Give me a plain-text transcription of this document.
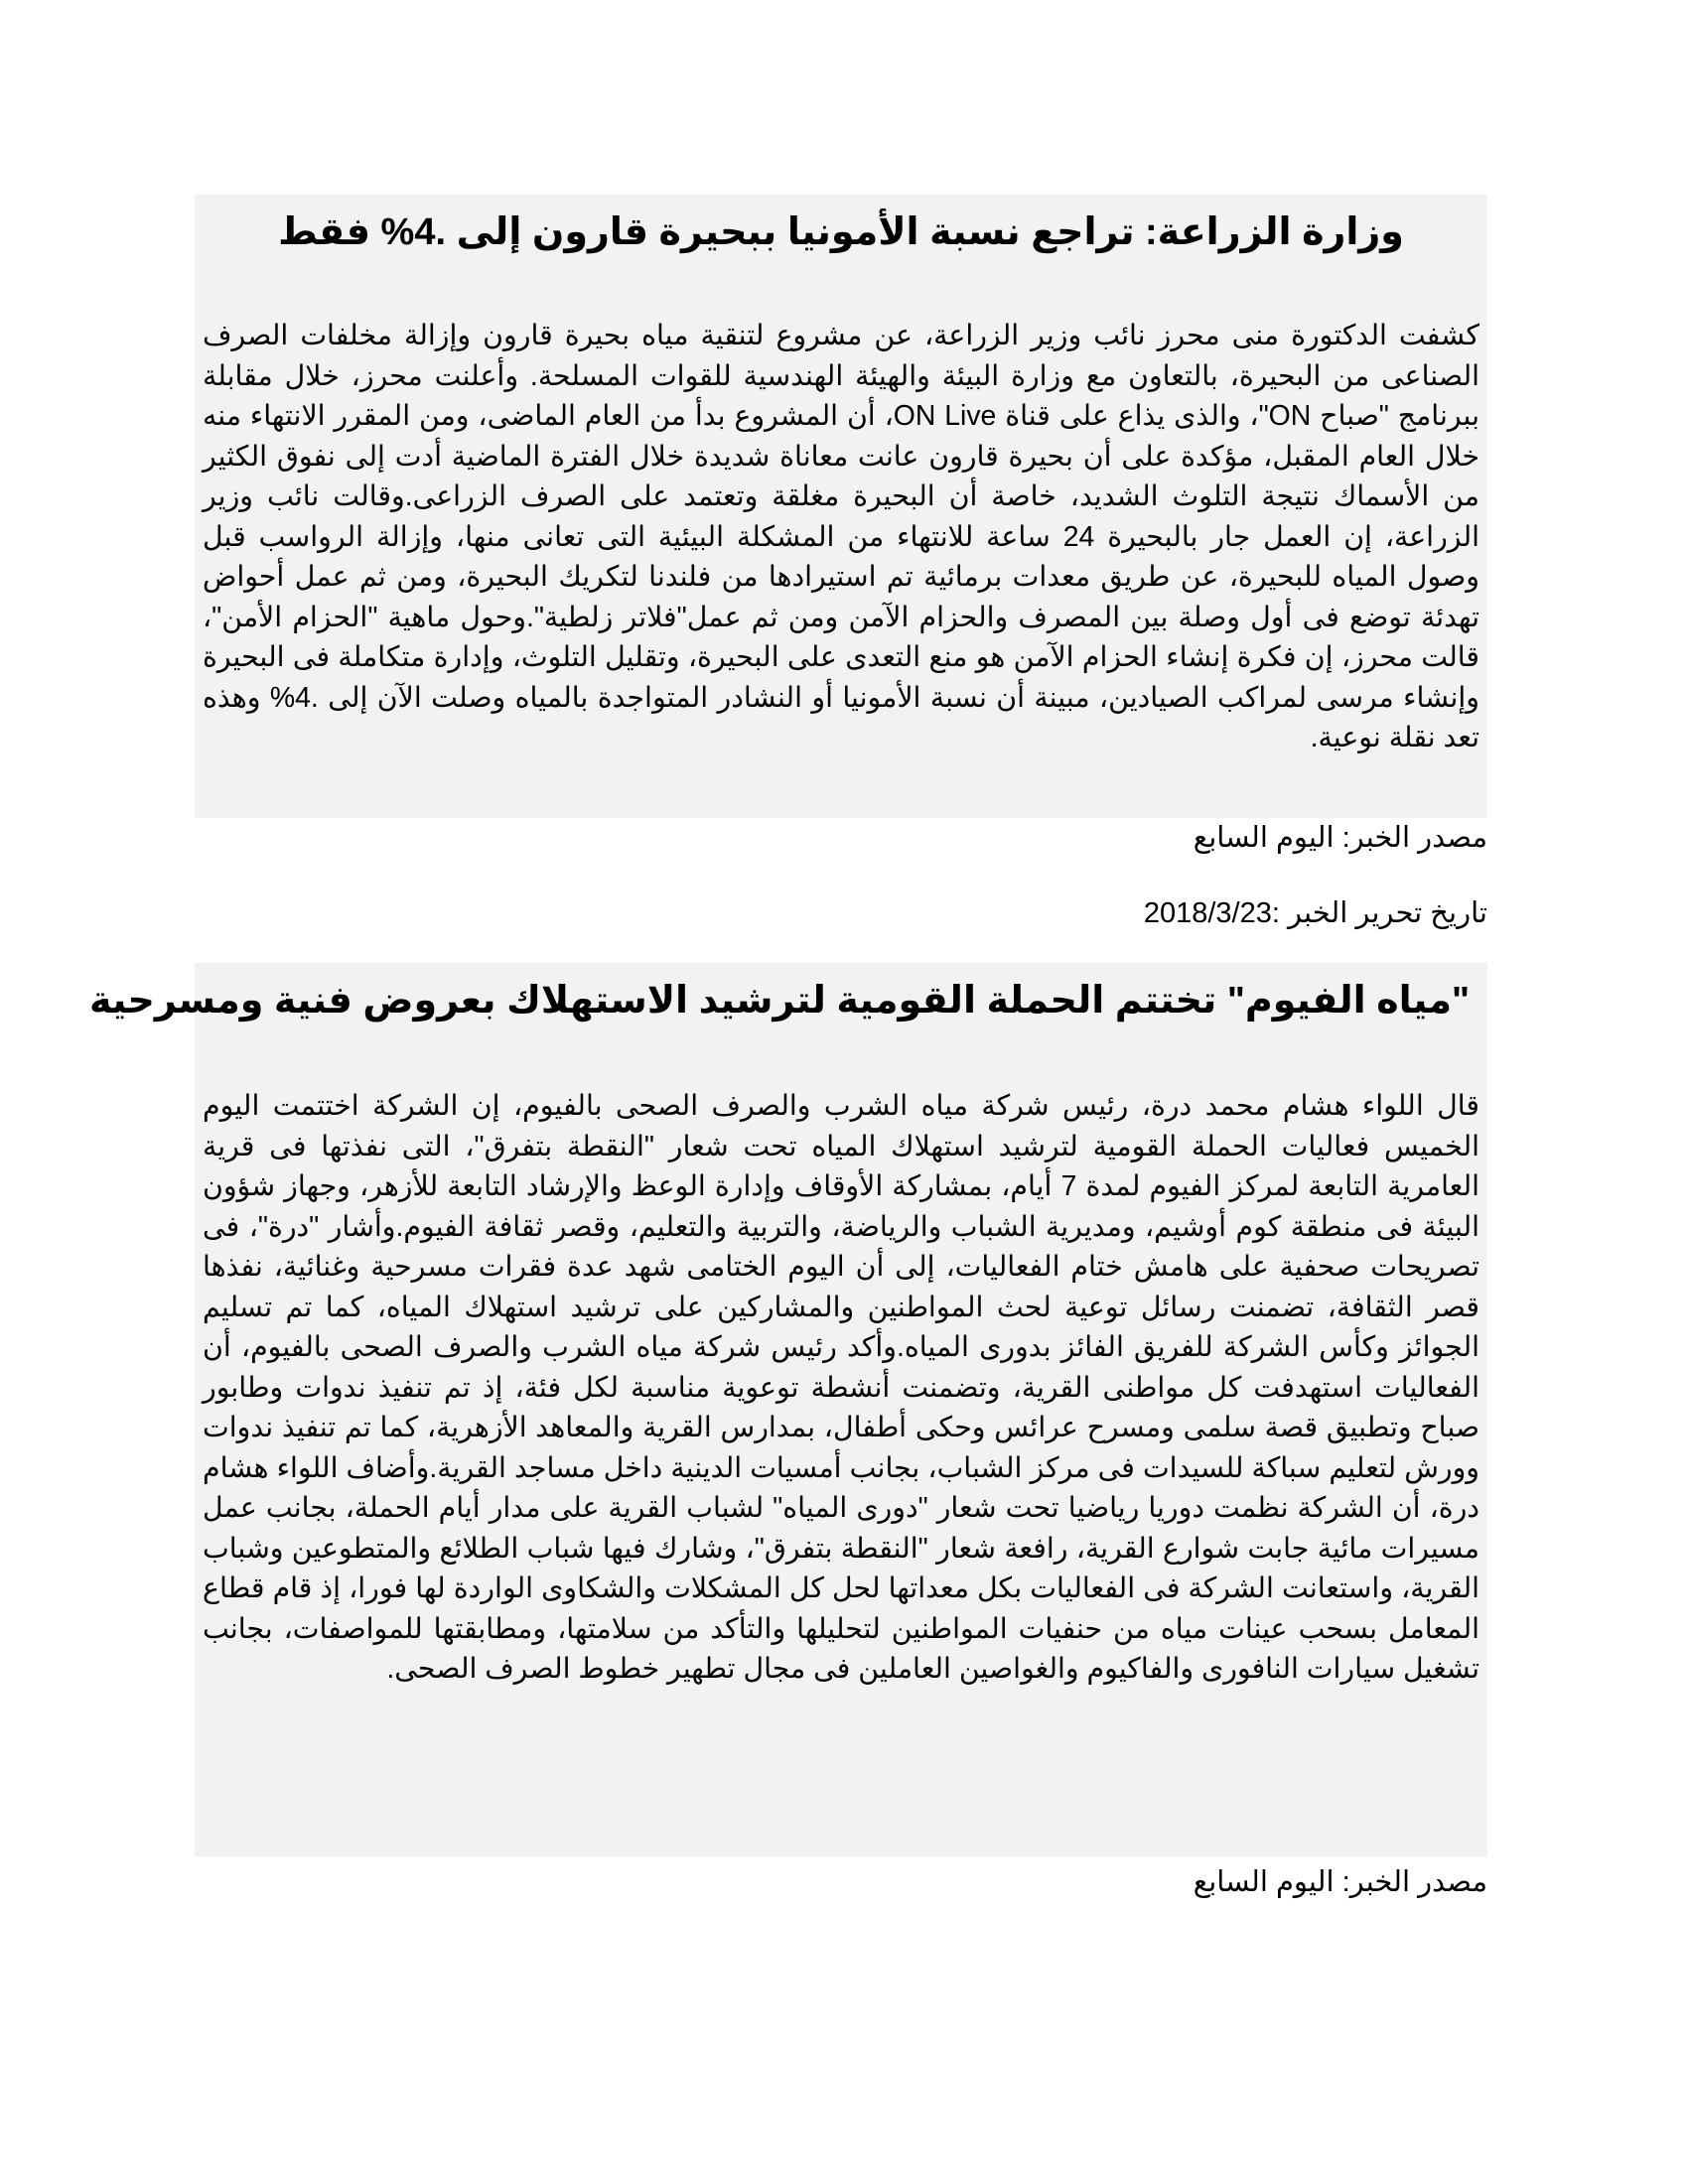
وزارة الزراعة: تراجع نسبة الأمونيا ببحيرة قارون إلى .4% فقط

كشفت الدكتورة منى محرز نائب وزير الزراعة، عن مشروع لتنقية مياه بحيرة قارون وإزالة مخلفات الصرف الصناعى من البحيرة، بالتعاون مع وزارة البيئة والهيئة الهندسية للقوات المسلحة. وأعلنت محرز، خلال مقابلة ببرنامج "صباح ON"، والذى يذاع على قناة ON Live، أن المشروع بدأ من العام الماضى، ومن المقرر الانتهاء منه خلال العام المقبل، مؤكدة على أن بحيرة قارون عانت معاناة شديدة خلال الفترة الماضية أدت إلى نفوق الكثير من الأسماك نتيجة التلوث الشديد، خاصة أن البحيرة مغلقة وتعتمد على الصرف الزراعى.وقالت نائب وزير الزراعة، إن العمل جار بالبحيرة 24 ساعة للانتهاء من المشكلة البيئية التى تعانى منها، وإزالة الرواسب قبل وصول المياه للبحيرة، عن طريق معدات برمائية تم استيرادها من فلندنا لتكريك البحيرة، ومن ثم عمل أحواض تهدئة توضع فى أول وصلة بين المصرف والحزام الآمن ومن ثم عمل"فلاتر زلطية".وحول ماهية "الحزام الأمن"، قالت محرز، إن فكرة إنشاء الحزام الآمن هو منع التعدى على البحيرة، وتقليل التلوث، وإدارة متكاملة فى البحيرة وإنشاء مرسى لمراكب الصيادين، مبينة أن نسبة الأمونيا أو النشادر المتواجدة بالمياه وصلت الآن إلى .4% وهذه تعد نقلة نوعية.

مصدر الخبر: اليوم السابع
تاريخ تحرير الخبر :2018/3/23
"مياه الفيوم" تختتم الحملة القومية لترشيد الاستهلاك بعروض فنية ومسرحية

قال اللواء هشام محمد درة، رئيس شركة مياه الشرب والصرف الصحى بالفيوم، إن الشركة اختتمت اليوم الخميس فعاليات الحملة القومية لترشيد استهلاك المياه تحت شعار "النقطة بتفرق"، التى نفذتها فى قرية العامرية التابعة لمركز الفيوم لمدة 7 أيام، بمشاركة الأوقاف وإدارة الوعظ والإرشاد التابعة للأزهر، وجهاز شؤون البيئة فى منطقة كوم أوشيم، ومديرية الشباب والرياضة، والتربية والتعليم، وقصر ثقافة الفيوم.وأشار "درة"، فى تصريحات صحفية على هامش ختام الفعاليات، إلى أن اليوم الختامى شهد عدة فقرات مسرحية وغنائية، نفذها قصر الثقافة، تضمنت رسائل توعية لحث المواطنين والمشاركين على ترشيد استهلاك المياه، كما تم تسليم الجوائز وكأس الشركة للفريق الفائز بدورى المياه.وأكد رئيس شركة مياه الشرب والصرف الصحى بالفيوم، أن الفعاليات استهدفت كل مواطنى القرية، وتضمنت أنشطة توعوية مناسبة لكل فئة، إذ تم تنفيذ ندوات وطابور صباح وتطبيق قصة سلمى ومسرح عرائس وحكى أطفال، بمدارس القرية والمعاهد الأزهرية، كما تم تنفيذ ندوات وورش لتعليم سباكة للسيدات فى مركز الشباب، بجانب أمسيات الدينية داخل مساجد القرية.وأضاف اللواء هشام درة، أن الشركة نظمت دوريا رياضيا تحت شعار "دورى المياه" لشباب القرية على مدار أيام الحملة، بجانب عمل مسيرات مائية جابت شوارع القرية، رافعة شعار "النقطة بتفرق"، وشارك فيها شباب الطلائع والمتطوعين وشباب القرية، واستعانت الشركة فى الفعاليات بكل معداتها لحل كل المشكلات والشكاوى الواردة لها فورا، إذ قام قطاع المعامل بسحب عينات مياه من حنفيات المواطنين لتحليلها والتأكد من سلامتها، ومطابقتها للمواصفات، بجانب تشغيل سيارات النافورى والفاكيوم والغواصين العاملين فى مجال تطهير خطوط الصرف الصحى.

مصدر الخبر: اليوم السابع
